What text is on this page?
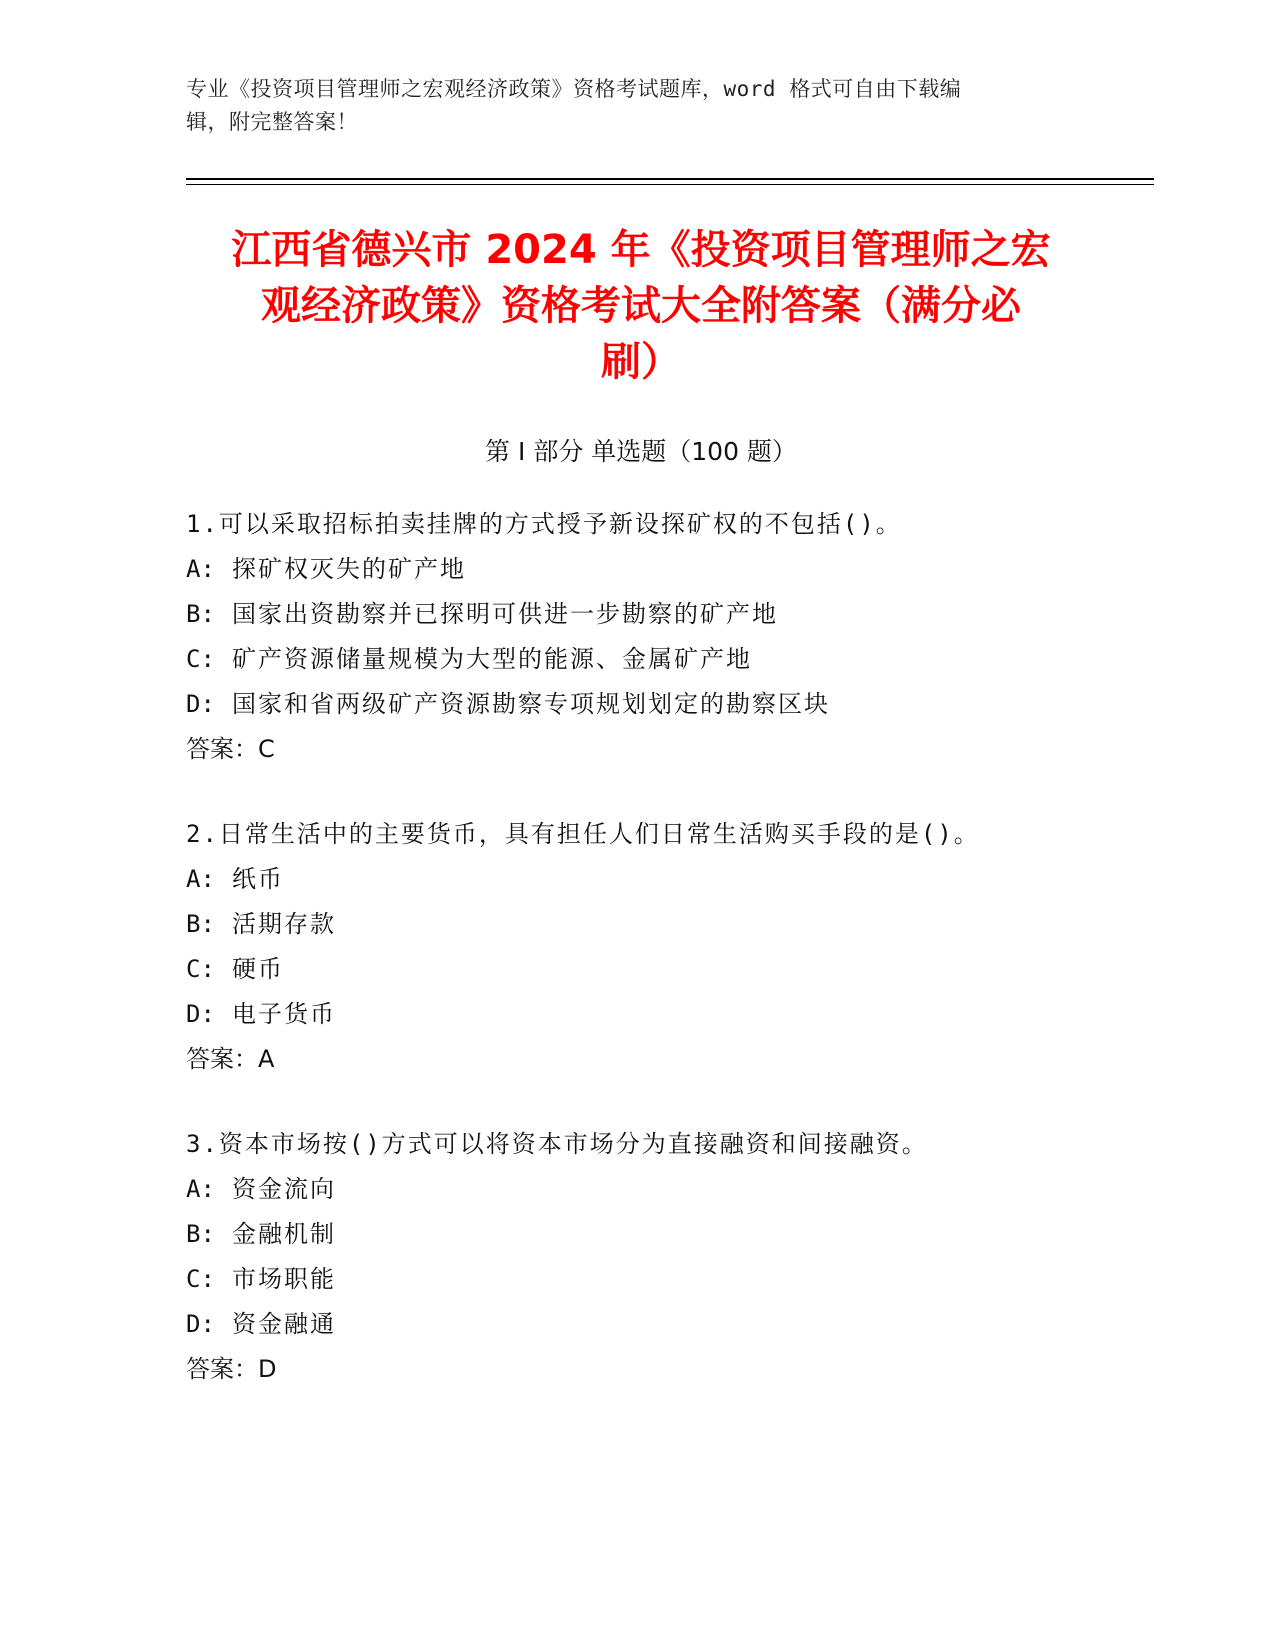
专业《投资项目管理师之宏观经济政策》资格考试题库，word 格式可自由下载编
辑，附完整答案！
江西省德兴市 2024 年《投资项目管理师之宏
观经济政策》资格考试大全附答案（满分必
刷）
第 I 部分 单选题（100 题）
1.可以采取招标拍卖挂牌的方式授予新设探矿权的不包括()。
A: 探矿权灭失的矿产地
B: 国家出资勘察并已探明可供进一步勘察的矿产地
C: 矿产资源储量规模为大型的能源、金属矿产地
D: 国家和省两级矿产资源勘察专项规划划定的勘察区块
答案：C
2.日常生活中的主要货币，具有担任人们日常生活购买手段的是()。
A: 纸币
B: 活期存款
C: 硬币
D: 电子货币
答案：A
3.资本市场按()方式可以将资本市场分为直接融资和间接融资。
A: 资金流向
B: 金融机制
C: 市场职能
D: 资金融通
答案：D
